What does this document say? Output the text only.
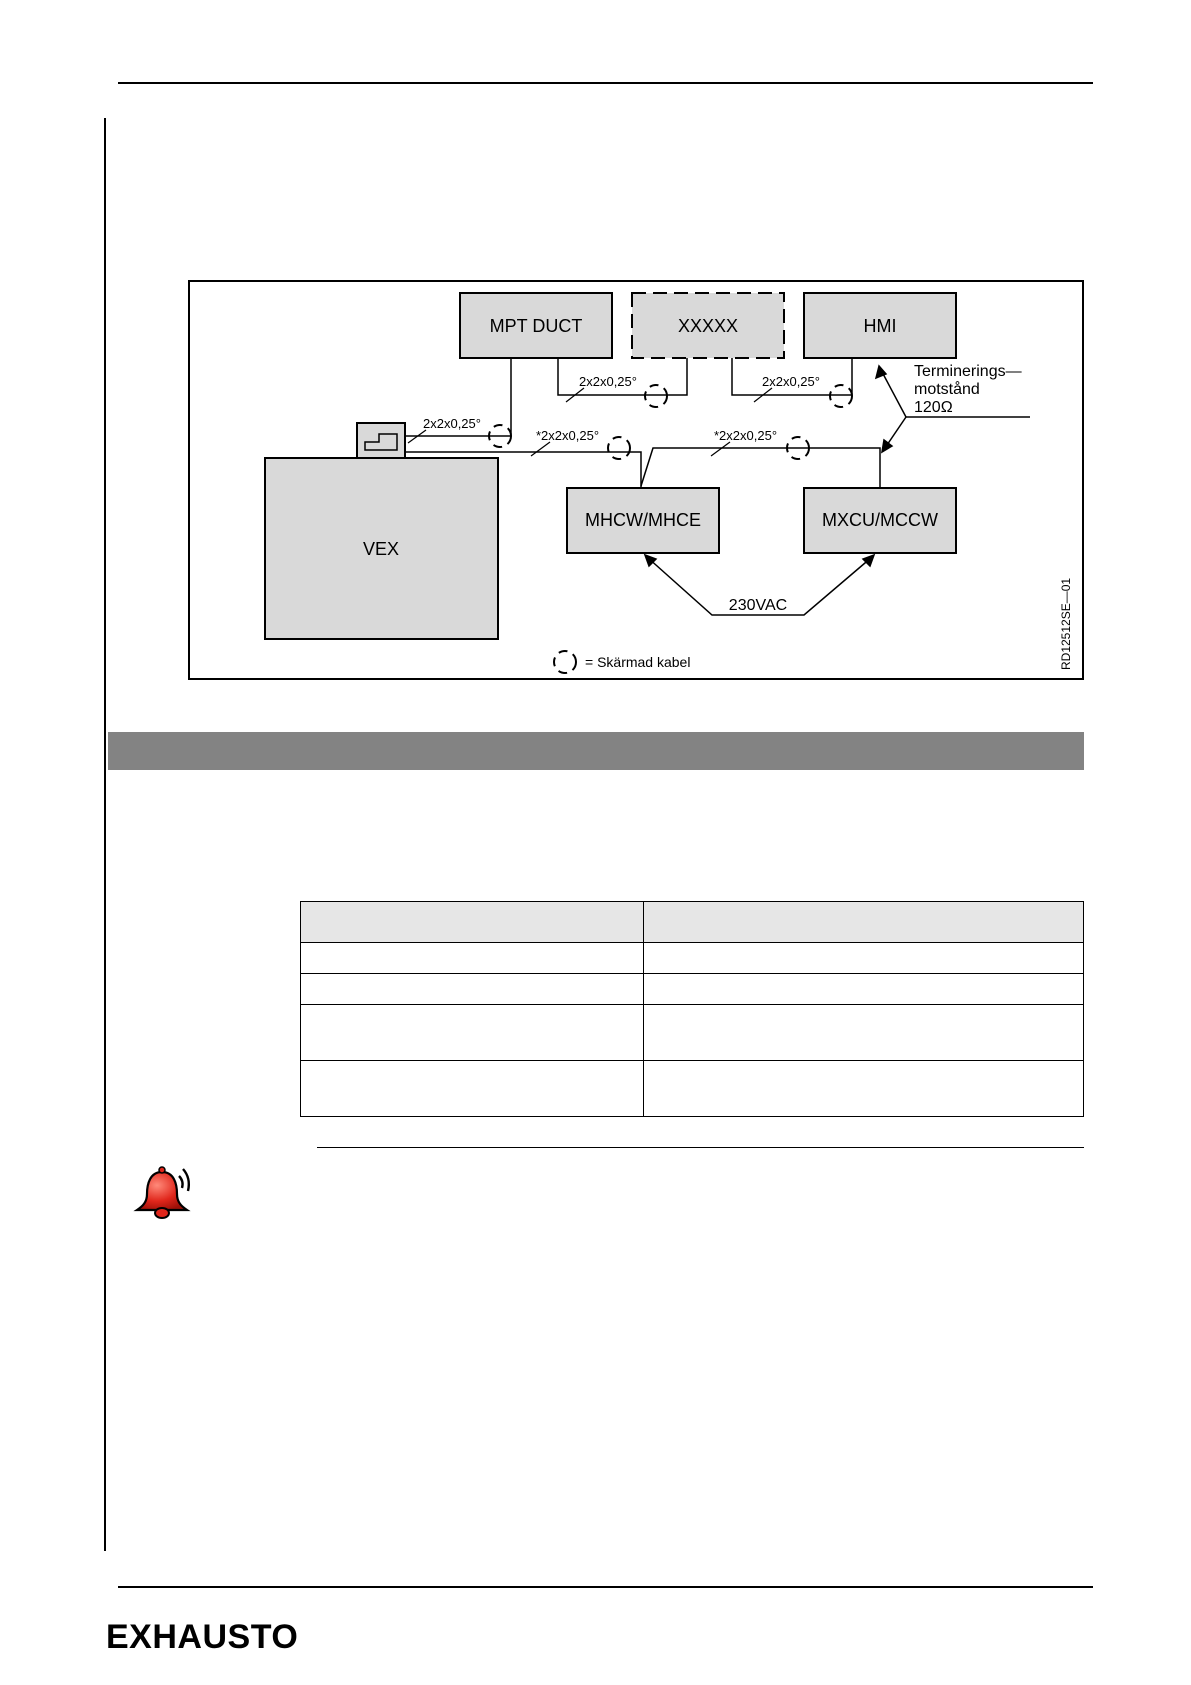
MPT DUCT	XXXXX	HMI
VEX
MHCW/MHCE	MXCU/MCCW
2x2x0,25°
2x2x0,25°	2x2x0,25°
*2x2x0,25°	*2x2x0,25°
Terminerings—
motstånd
120Ω
230VAC
= Skärmad kabel	RD12512SE—01

EXHAUSTO
